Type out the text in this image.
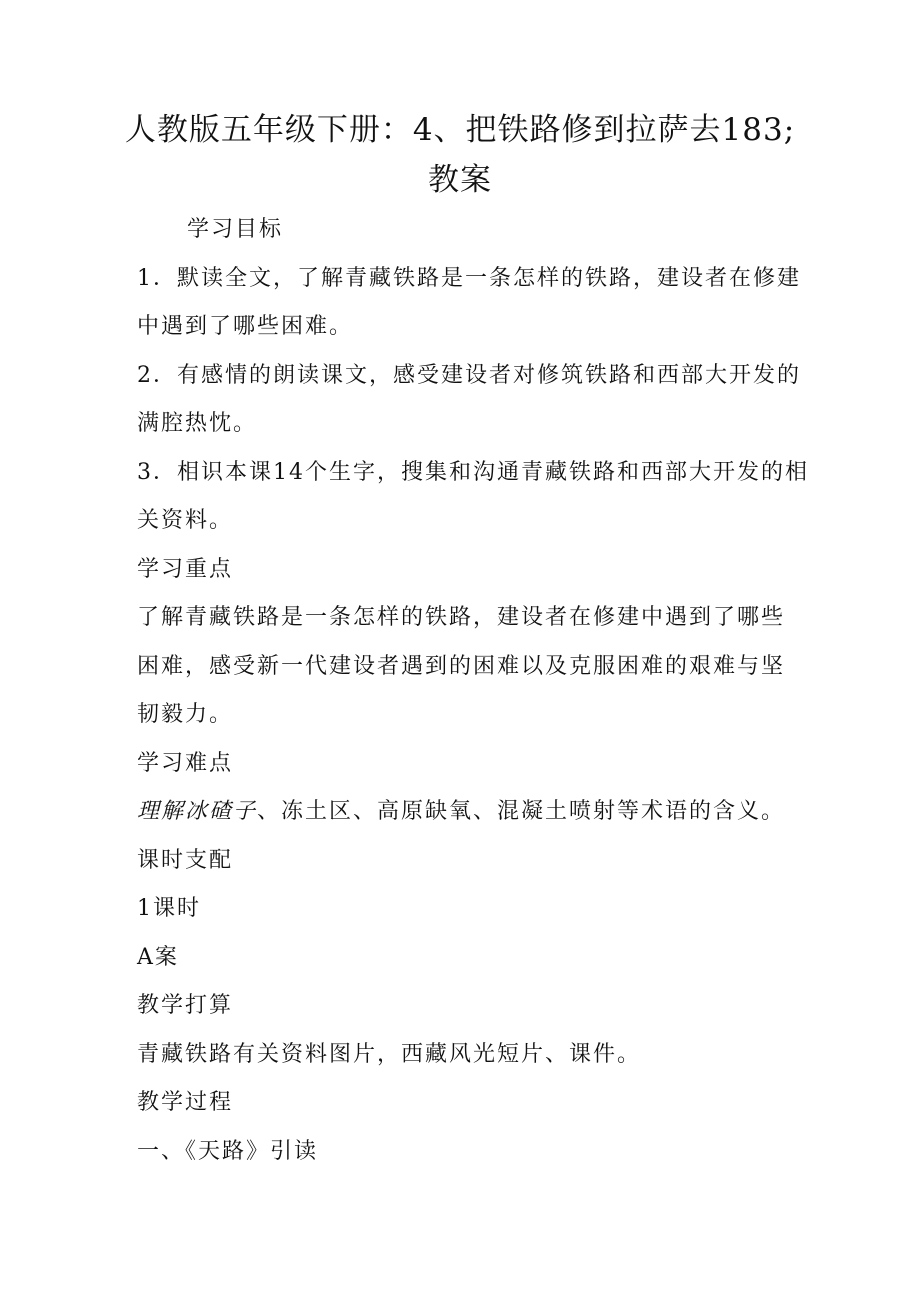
人教版五年级下册：4、把铁路修到拉萨去183;
教案
学习目标
1．默读全文，了解青藏铁路是一条怎样的铁路，建设者在修建
中遇到了哪些困难。
2．有感情的朗读课文，感受建设者对修筑铁路和西部大开发的
满腔热忱。
3．相识本课14个生字，搜集和沟通青藏铁路和西部大开发的相
关资料。
学习重点
了解青藏铁路是一条怎样的铁路，建设者在修建中遇到了哪些
困难，感受新一代建设者遇到的困难以及克服困难的艰难与坚
韧毅力。
学习难点
理解冰碴子、冻土区、高原缺氧、混凝土喷射等术语的含义。
课时支配
1课时
A案
教学打算
青藏铁路有关资料图片，西藏风光短片、课件。
教学过程
一、《天路》引读
